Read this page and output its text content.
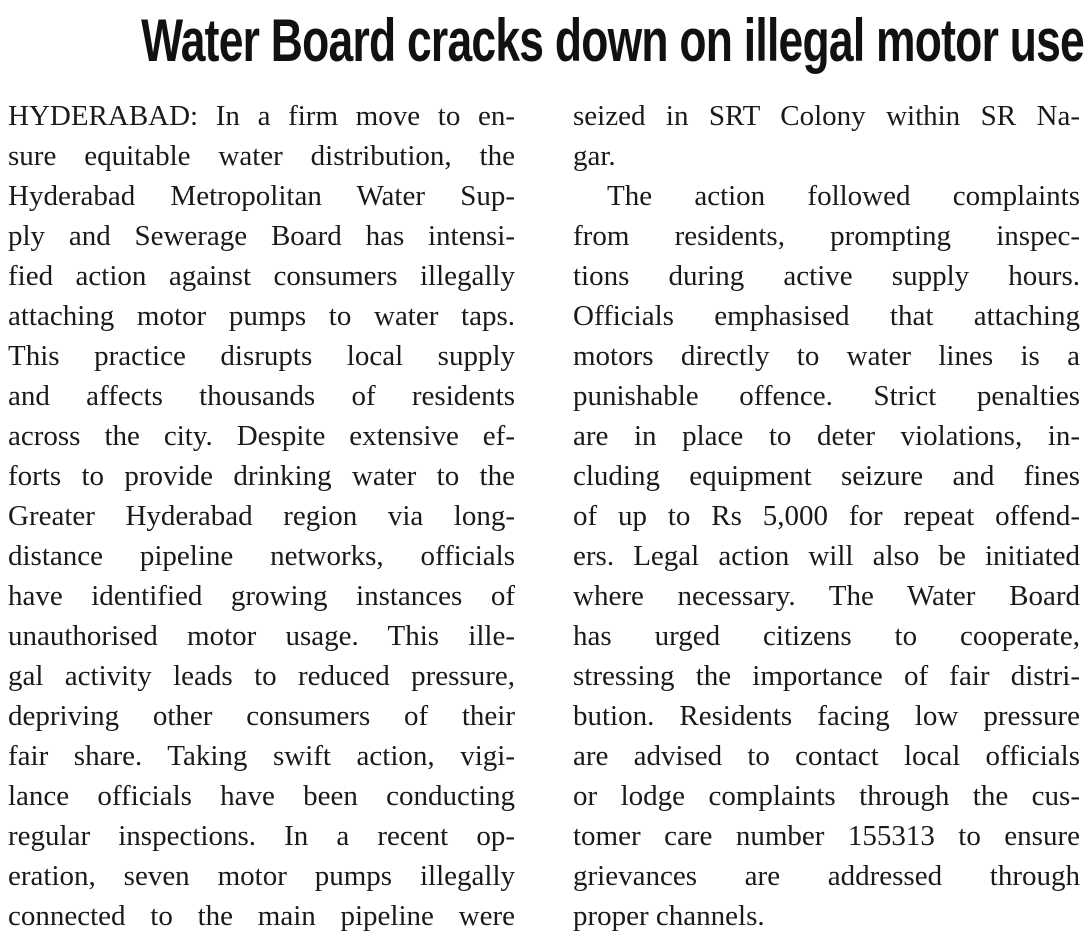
Water Board cracks down on illegal motor use
HYDERABAD: In a firm move to en-
sure equitable water distribution, the
Hyderabad Metropolitan Water Sup-
ply and Sewerage Board has intensi-
fied action against consumers illegally
attaching motor pumps to water taps.
This practice disrupts local supply
and affects thousands of residents
across the city. Despite extensive ef-
forts to provide drinking water to the
Greater Hyderabad region via long-
distance pipeline networks, officials
have identified growing instances of
unauthorised motor usage. This ille-
gal activity leads to reduced pressure,
depriving other consumers of their
fair share. Taking swift action, vigi-
lance officials have been conducting
regular inspections. In a recent op-
eration, seven motor pumps illegally
connected to the main pipeline were
seized in SRT Colony within SR Na-
gar.
The action followed complaints
from residents, prompting inspec-
tions during active supply hours.
Officials emphasised that attaching
motors directly to water lines is a
punishable offence. Strict penalties
are in place to deter violations, in-
cluding equipment seizure and fines
of up to Rs 5,000 for repeat offend-
ers. Legal action will also be initiated
where necessary. The Water Board
has urged citizens to cooperate,
stressing the importance of fair distri-
bution. Residents facing low pressure
are advised to contact local officials
or lodge complaints through the cus-
tomer care number 155313 to ensure
grievances are addressed through
proper channels.
